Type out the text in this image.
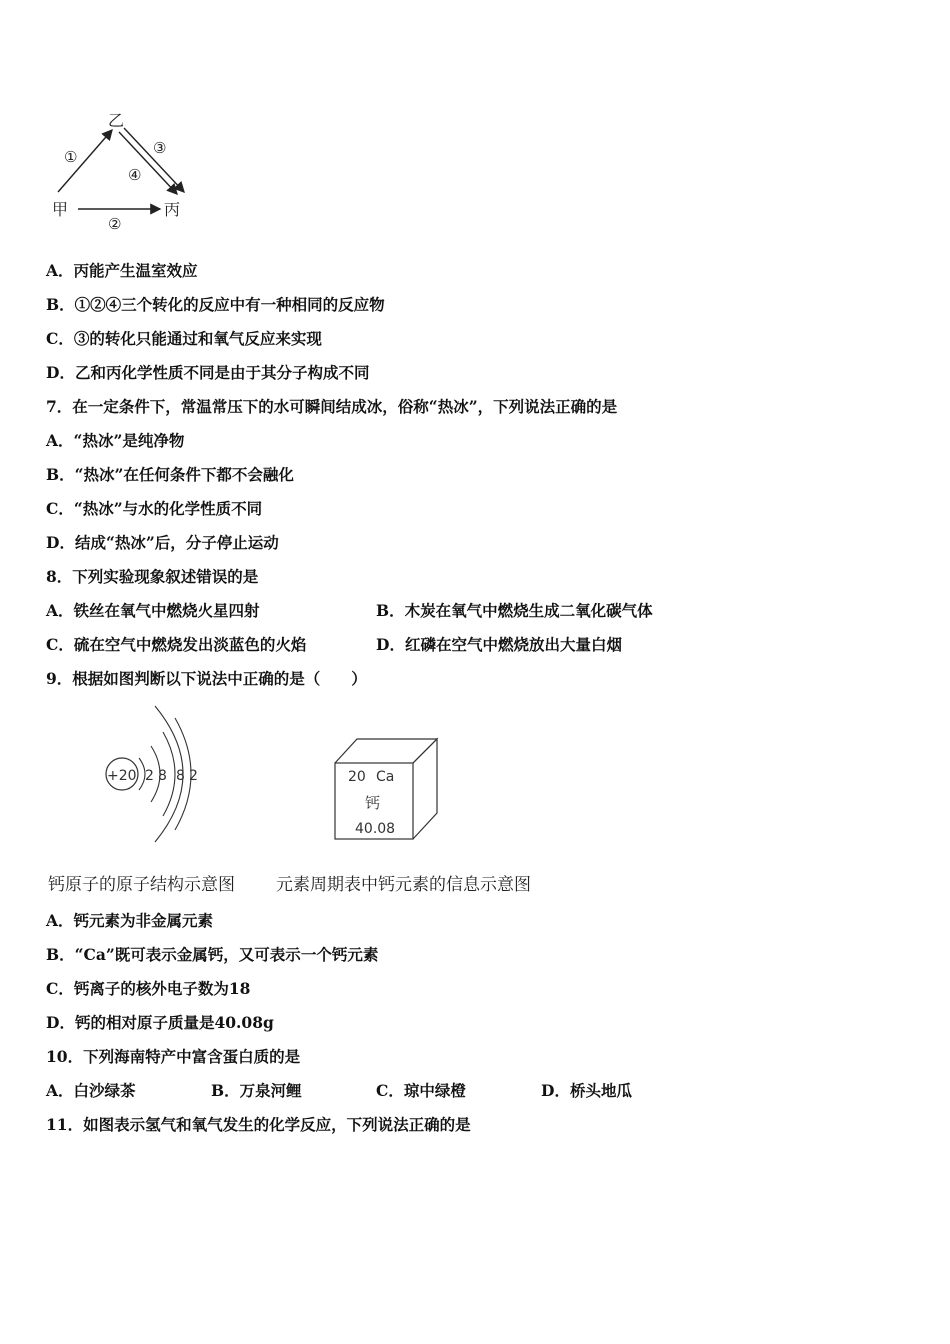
乙
甲	丙
①	③
④
②
A．丙能产生温室效应
B．①②④三个转化的反应中有一种相同的反应物
C．③的转化只能通过和氧气反应来实现
D．乙和丙化学性质不同是由于其分子构成不同
7．在一定条件下，常温常压下的水可瞬间结成冰，俗称“热冰”，下列说法正确的是
A．“热冰”是纯净物
B．“热冰”在任何条件下都不会融化
C．“热冰”与水的化学性质不同
D．结成“热冰”后，分子停止运动
8．下列实验现象叙述错误的是
A．铁丝在氧气中燃烧火星四射	B．木炭在氧气中燃烧生成二氧化碳气体
C．硫在空气中燃烧发出淡蓝色的火焰	D．红磷在空气中燃烧放出大量白烟
9．根据如图判断以下说法中正确的是（　　）
+20 2 8 8 2	20 Ca
钙
40.08
钙原子的原子结构示意图 元素周期表中钙元素的信息示意图
A．钙元素为非金属元素
B．“Ca”既可表示金属钙，又可表示一个钙元素
C．钙离子的核外电子数为18
D．钙的相对原子质量是40.08g
10．下列海南特产中富含蛋白质的是
A．白沙绿茶	B．万泉河鲤	C．琼中绿橙	D．桥头地瓜
11．如图表示氢气和氧气发生的化学反应，下列说法正确的是
